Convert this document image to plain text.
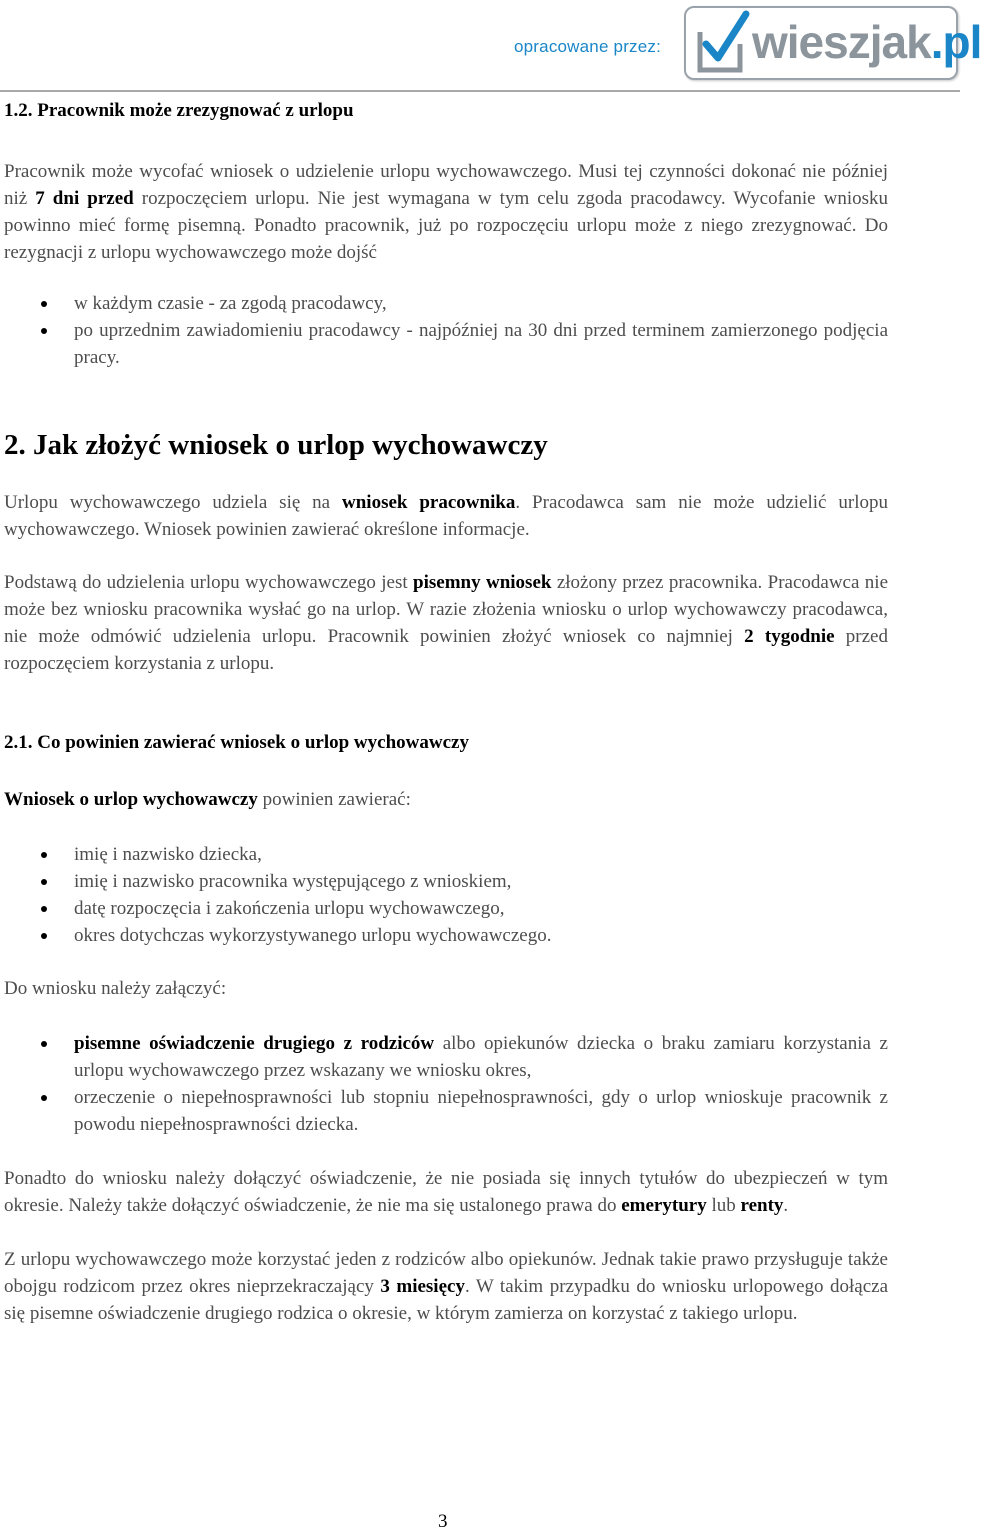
opracowane przez: wieszjak.pl
1.2. Pracownik może zrezygnować z urlopu

Pracownik może wycofać wniosek o udzielenie urlopu wychowawczego. Musi tej czynności dokonać nie później niż 7 dni przed rozpoczęciem urlopu. Nie jest wymagana w tym celu zgoda pracodawcy. Wycofanie wniosku powinno mieć formę pisemną. Ponadto pracownik, już po rozpoczęciu urlopu może z niego zrezygnować. Do rezygnacji z urlopu wychowawczego może dojść

w każdym czasie - za zgodą pracodawcy,
po uprzednim zawiadomieniu pracodawcy - najpóźniej na 30 dni przed terminem zamierzonego podjęcia pracy.
2. Jak złożyć wniosek o urlop wychowawczy

Urlopu wychowawczego udziela się na wniosek pracownika. Pracodawca sam nie może udzielić urlopu wychowawczego. Wniosek powinien zawierać określone informacje.

Podstawą do udzielenia urlopu wychowawczego jest pisemny wniosek złożony przez pracownika. Pracodawca nie może bez wniosku pracownika wysłać go na urlop. W razie złożenia wniosku o urlop wychowawczy pracodawca, nie może odmówić udzielenia urlopu. Pracownik powinien złożyć wniosek co najmniej 2 tygodnie przed rozpoczęciem korzystania z urlopu.

2.1. Co powinien zawierać wniosek o urlop wychowawczy

Wniosek o urlop wychowawczy powinien zawierać:

imię i nazwisko dziecka,
imię i nazwisko pracownika występującego z wnioskiem,
datę rozpoczęcia i zakończenia urlopu wychowawczego,
okres dotychczas wykorzystywanego urlopu wychowawczego.

Do wniosku należy załączyć:

pisemne oświadczenie drugiego z rodziców albo opiekunów dziecka o braku zamiaru korzystania z urlopu wychowawczego przez wskazany we wniosku okres,
orzeczenie o niepełnosprawności lub stopniu niepełnosprawności, gdy o urlop wnioskuje pracownik z powodu niepełnosprawności dziecka.

Ponadto do wniosku należy dołączyć oświadczenie, że nie posiada się innych tytułów do ubezpieczeń w tym okresie. Należy także dołączyć oświadczenie, że nie ma się ustalonego prawa do emerytury lub renty.

Z urlopu wychowawczego może korzystać jeden z rodziców albo opiekunów. Jednak takie prawo przysługuje także obojgu rodzicom przez okres nieprzekraczający 3 miesięcy. W takim przypadku do wniosku urlopowego dołącza się pisemne oświadczenie drugiego rodzica o okresie, w którym zamierza on korzystać z takiego urlopu.

3
